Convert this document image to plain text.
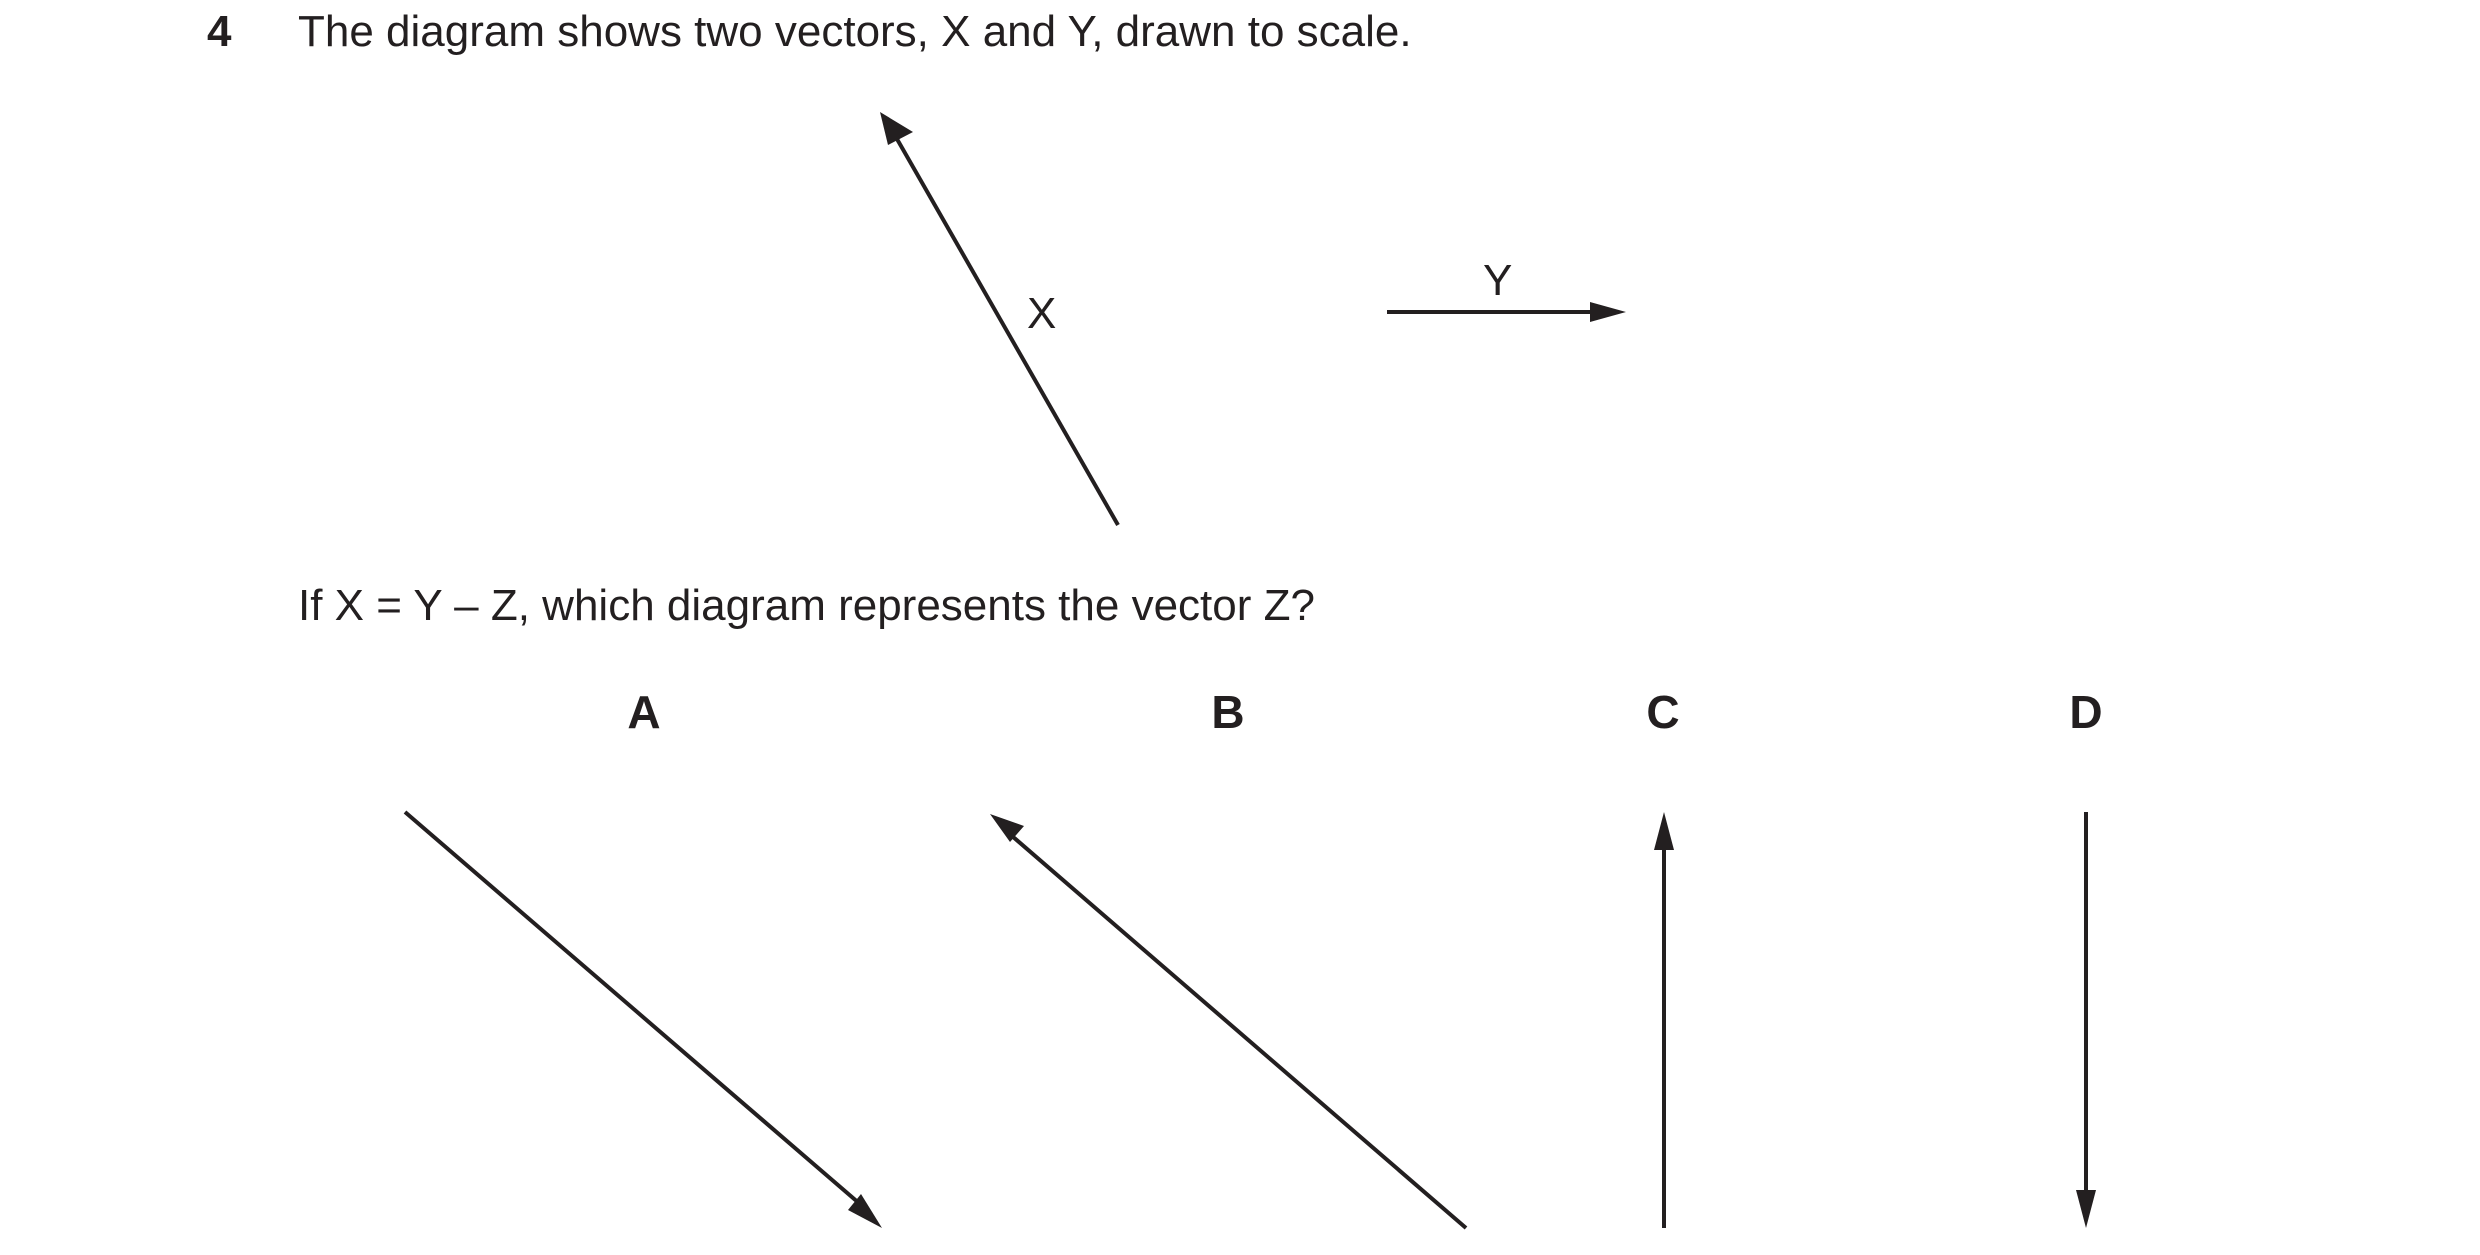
4 The diagram shows two vectors, X and Y, drawn to scale.
X
Y
A	B	C	D
If X = Y – Z, which diagram represents the vector Z?
